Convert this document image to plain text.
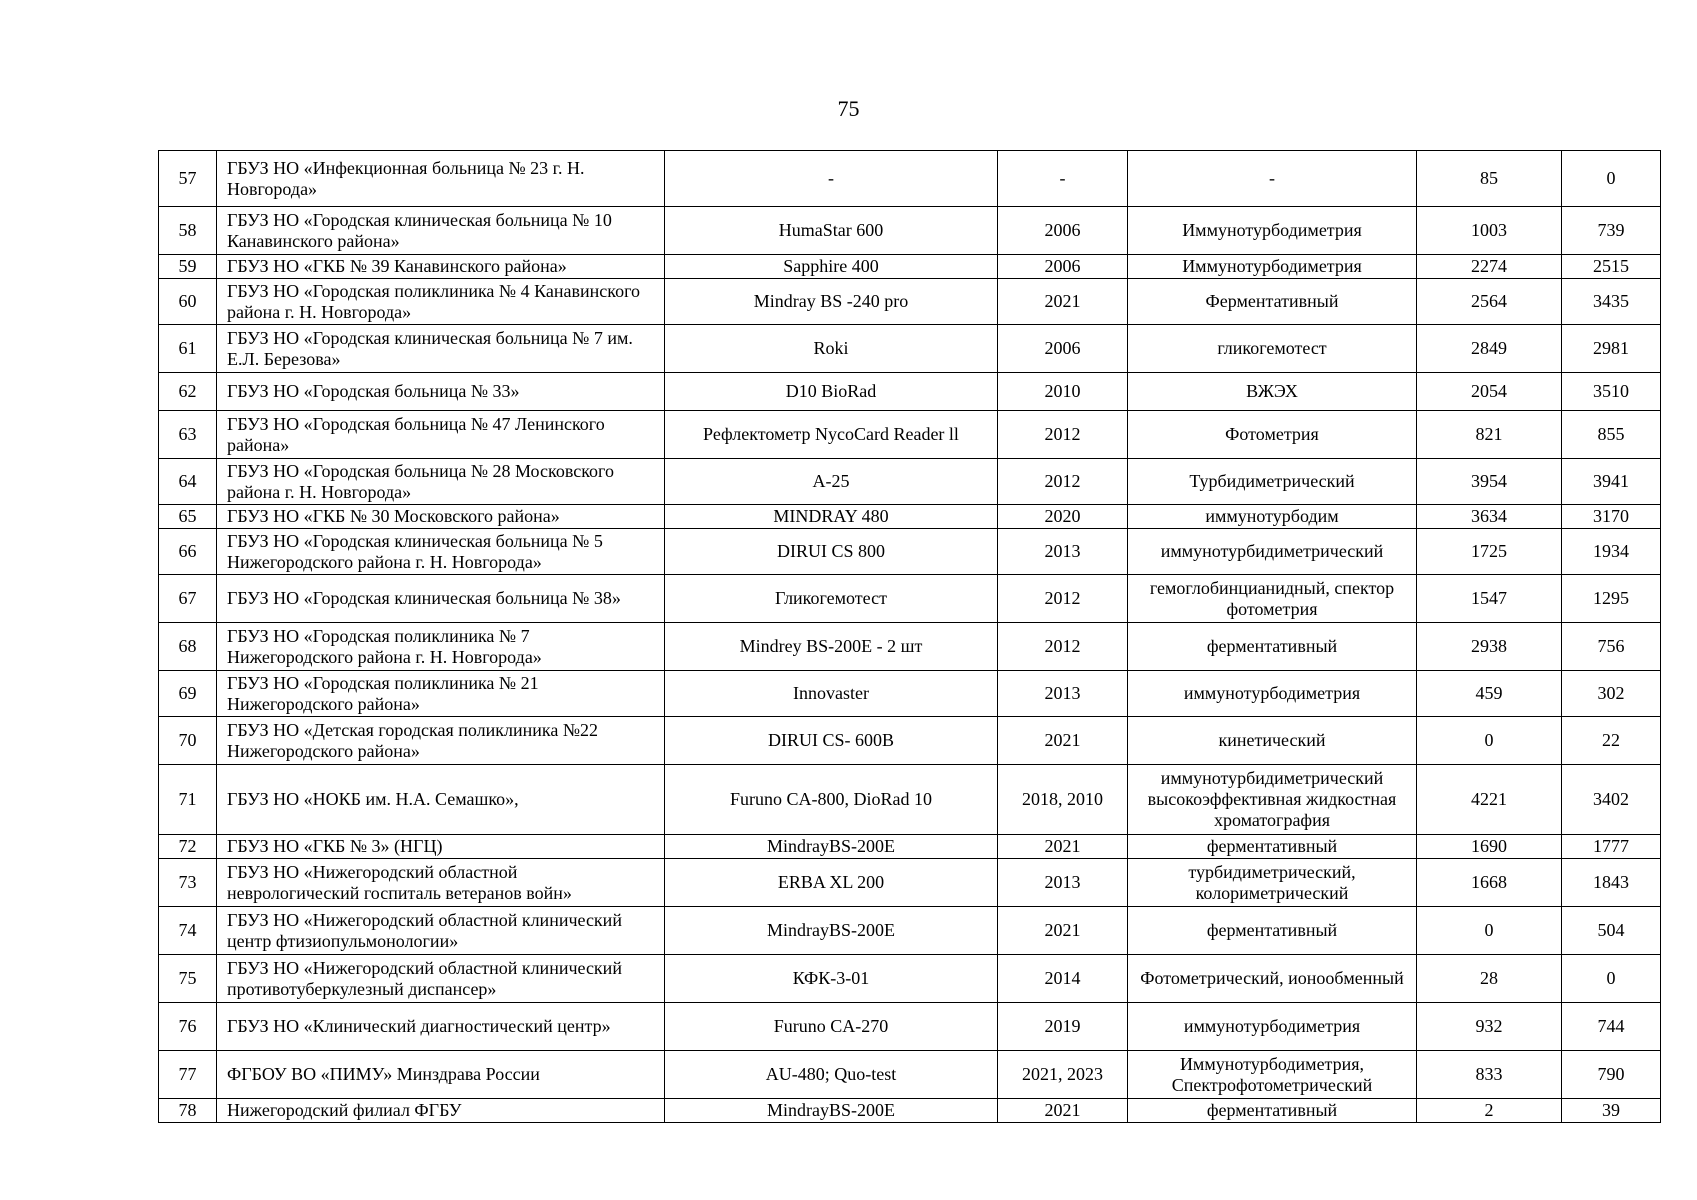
75
57	ГБУЗ НО «Инфекционная больница № 23 г. Н. Новгорода»	-	-	-	85	0
58	ГБУЗ НО «Городская клиническая больница № 10 Канавинского района»	HumaStar 600	2006	Иммунотурбодиметрия	1003	739
59	ГБУЗ НО «ГКБ № 39 Канавинского района»	Sapphire 400	2006	Иммунотурбодиметрия	2274	2515
60	ГБУЗ НО «Городская поликлиника № 4 Канавинского района г. Н. Новгорода»	Mindray BS -240 pro	2021	Ферментативный	2564	3435
61	ГБУЗ НО «Городская клиническая больница № 7 им. Е.Л. Березова»	Roki	2006	гликогемотест	2849	2981
62	ГБУЗ НО «Городская больница № 33»	D10 BioRad	2010	ВЖЭХ	2054	3510
63	ГБУЗ НО «Городская больница № 47 Ленинского района»	Рефлектометр NycoCard Reader ll	2012	Фотометрия	821	855
64	ГБУЗ НО «Городская больница № 28 Московского района г. Н. Новгорода»	A-25	2012	Турбидиметрический	3954	3941
65	ГБУЗ НО «ГКБ № 30 Московского района»	MINDRAY 480	2020	иммунотурбодим	3634	3170
66	ГБУЗ НО «Городская клиническая больница № 5 Нижегородского района г. Н. Новгорода»	DIRUI CS 800	2013	иммунотурбидиметрический	1725	1934
67	ГБУЗ НО «Городская клиническая больница № 38»	Гликогемотест	2012	гемоглобинцианидный, спектор фотометрия	1547	1295
68	ГБУЗ НО «Городская поликлиника № 7 Нижегородского района г. Н. Новгорода»	Mindrey BS-200E - 2 шт	2012	ферментативный	2938	756
69	ГБУЗ НО «Городская поликлиника № 21 Нижегородского района»	Innovaster	2013	иммунотурбодиметрия	459	302
70	ГБУЗ НО «Детская городская поликлиника №22 Нижегородского района»	DIRUI CS- 600B	2021	кинетический	0	22
71	ГБУЗ НО «НОКБ им. Н.А. Семашко»,	Furuno CA-800, DioRad 10	2018, 2010	иммунотурбидиметрический высокоэффективная жидкостная хроматография	4221	3402
72	ГБУЗ НО «ГКБ № 3» (НГЦ)	MindrayBS-200E	2021	ферментативный	1690	1777
73	ГБУЗ НО «Нижегородский областной неврологический госпиталь ветеранов войн»	ERBA XL 200	2013	турбидиметрический, колориметрический	1668	1843
74	ГБУЗ НО «Нижегородский областной клинический центр фтизиопульмонологии»	MindrayBS-200E	2021	ферментативный	0	504
75	ГБУЗ НО «Нижегородский областной клинический противотуберкулезный диспансер»	КФК-3-01	2014	Фотометрический, ионообменный	28	0
76	ГБУЗ НО «Клинический диагностический центр»	Furuno CA-270	2019	иммунотурбодиметрия	932	744
77	ФГБОУ ВО «ПИМУ» Минздрава России	AU-480; Quo-test	2021, 2023	Иммунотурбодиметрия, Спектрофотометрический	833	790
78	Нижегородский филиал ФГБУ	MindrayBS-200E	2021	ферментативный	2	39
